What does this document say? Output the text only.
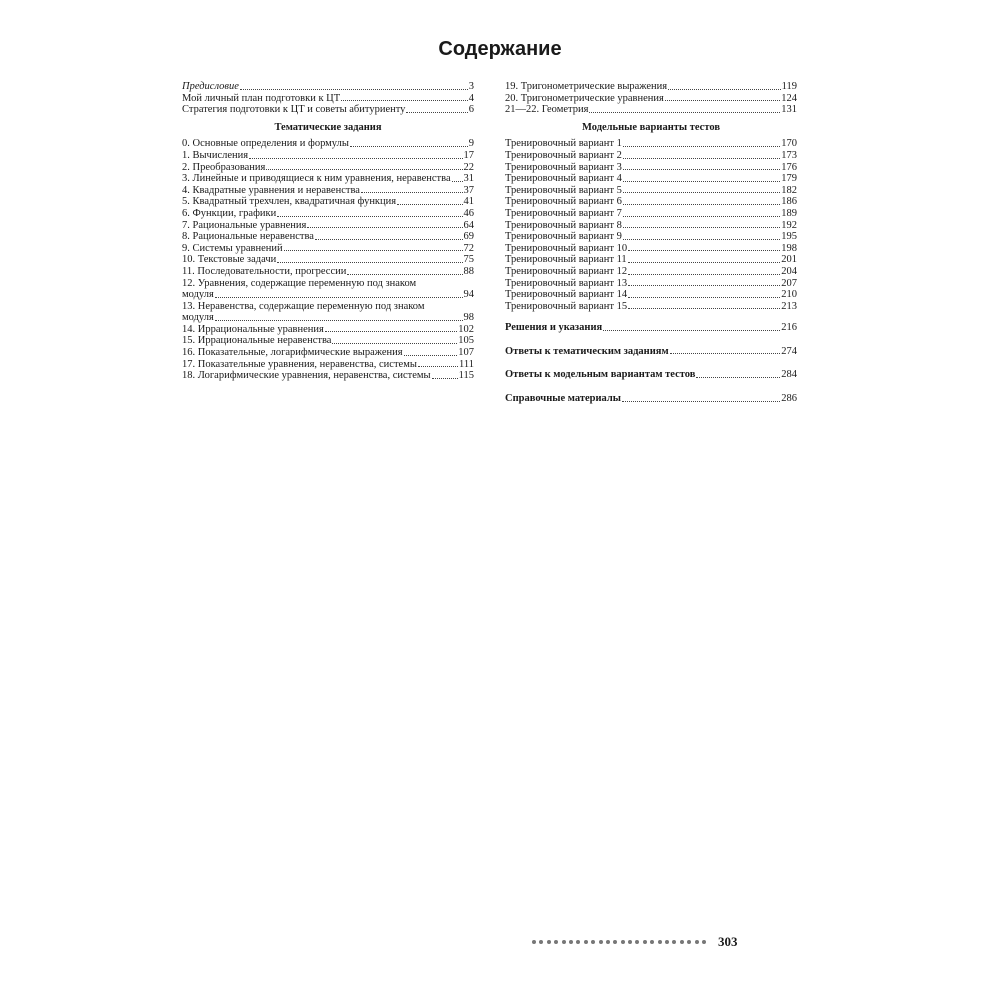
Содержание
Предисловие	3
Мой личный план подготовки к ЦТ	4
Стратегия подготовки к ЦТ и советы абитуриенту	6
Тематические задания
0. Основные определения и формулы	9
1. Вычисления	17
2. Преобразования	22
3. Линейные и приводящиеся к ним уравнения, неравенства 31
4. Квадратные уравнения и неравенства	37
5. Квадратный трехчлен, квадратичная функция	41
6. Функции, графики	46
7. Рациональные уравнения	64
8. Рациональные неравенства	69
9. Системы уравнений	72
10. Текстовые задачи	75
11. Последовательности, прогрессии	88
12. Уравнения, содержащие переменную под знаком
модуля	94
13. Неравенства, содержащие переменную под знаком
модуля	98
14. Иррациональные уравнения	102
15. Иррациональные неравенства	105
16. Показательные, логарифмические выражения	107
17. Показательные уравнения, неравенства, системы	111
18. Логарифмические уравнения, неравенства, системы	115
19. Тригонометрические выражения	119
20. Тригонометрические уравнения	124
21—22. Геометрия	131
Модельные варианты тестов
Тренировочный вариант 1	170
Тренировочный вариант 2	173
Тренировочный вариант 3	176
Тренировочный вариант 4	179
Тренировочный вариант 5	182
Тренировочный вариант 6	186
Тренировочный вариант 7	189
Тренировочный вариант 8	192
Тренировочный вариант 9	195
Тренировочный вариант 10	198
Тренировочный вариант 11	201
Тренировочный вариант 12	204
Тренировочный вариант 13	207
Тренировочный вариант 14	210
Тренировочный вариант 15	213
Решения и указания	216
Ответы к тематическим заданиям	274
Ответы к модельным вариантам тестов	284
Справочные материалы	286
303
